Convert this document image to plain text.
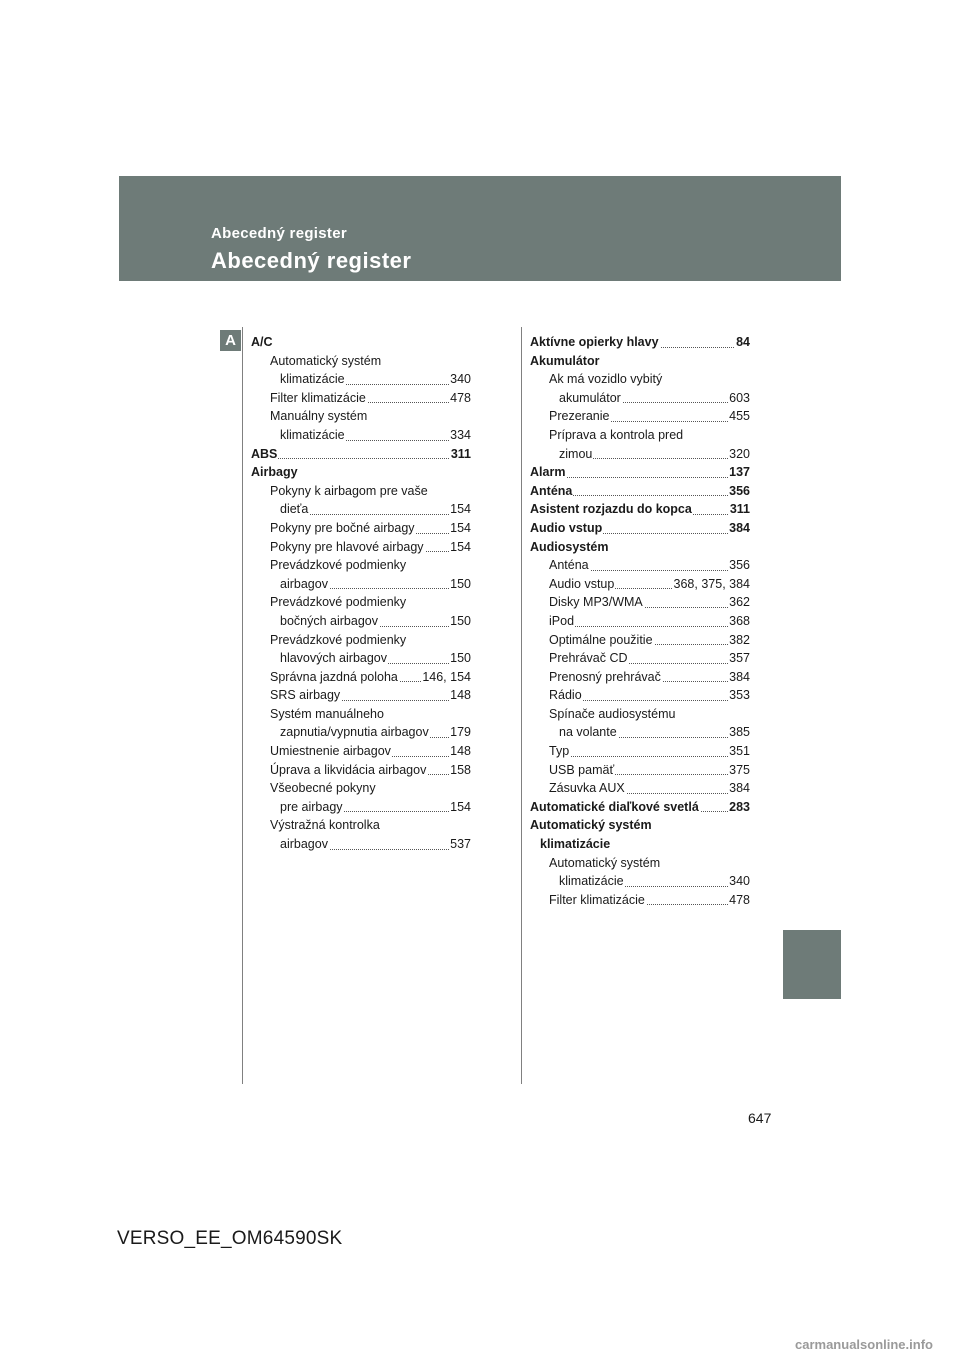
Abecedný register
Abecedný register
A	A/C
Automatický systém
klimatizácie	340
Filter klimatizácie	478
Manuálny systém
klimatizácie	334
ABS	311
Airbagy
Pokyny k airbagom pre vaše
dieťa	154
Pokyny pre bočné airbagy	154
Pokyny pre hlavové airbagy 154
Prevádzkové podmienky
airbagov	150
Prevádzkové podmienky
bočných airbagov	150
Prevádzkové podmienky
hlavových airbagov	150
Správna jazdná poloha 146, 154
SRS airbagy	148
Systém manuálneho
zapnutia/vypnutia airbagov 179
Umiestnenie airbagov	148
Úprava a likvidácia airbagov 158
Všeobecné pokyny
pre airbagy	154
Výstražná kontrolka
airbagov	537
Aktívne opierky hlavy	84
Akumulátor
Ak má vozidlo vybitý
akumulátor	603
Prezeranie	455
Príprava a kontrola pred
zimou	320
Alarm	137
Anténa	356
Asistent rozjazdu do kopca	311
Audio vstup	384
Audiosystém
Anténa	356
Audio vstup	368, 375, 384
Disky MP3/WMA	362
iPod	368
Optimálne použitie	382
Prehrávač CD	357
Prenosný prehrávač	384
Rádio	353
Spínače audiosystému
na volante	385
Typ	351
USB pamäť	375
Zásuvka AUX	384
Automatické diaľkové svetlá 283
Automatický systém
klimatizácie
Automatický systém
klimatizácie	340
Filter klimatizácie	478
647
VERSO_EE_OM64590SK
carmanualsonline.info
